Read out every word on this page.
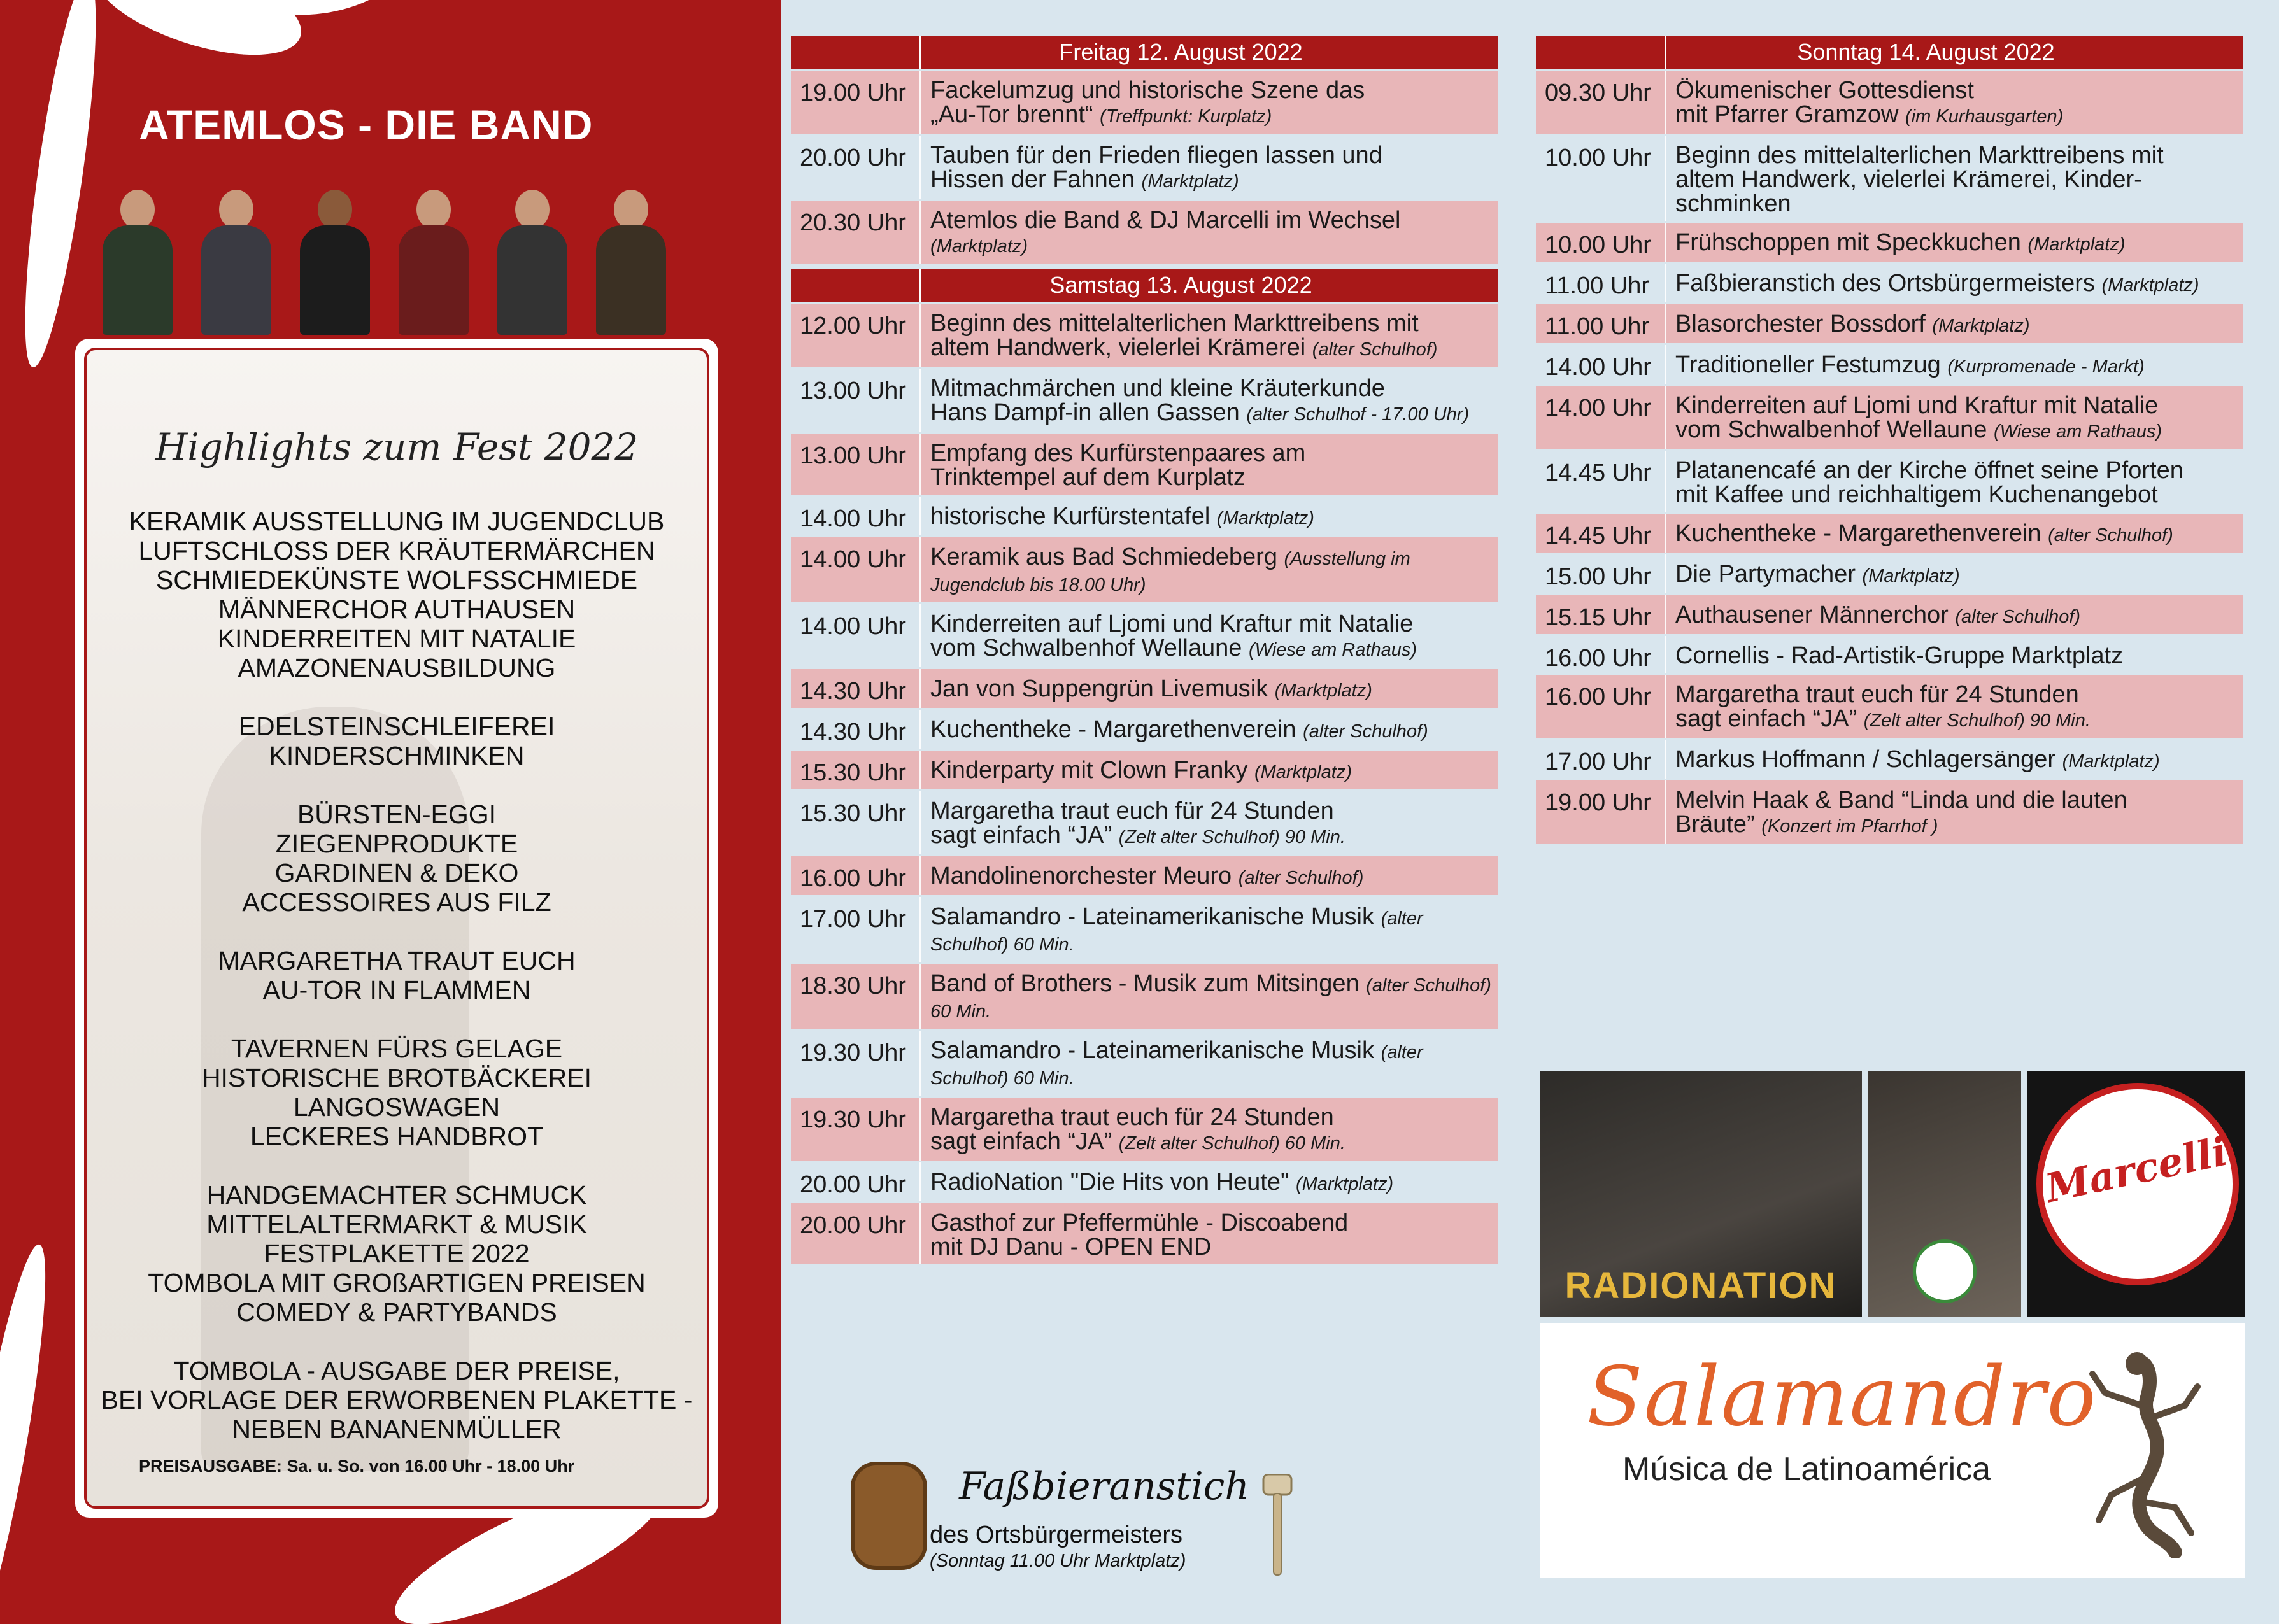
ATEMLOS - DIE BAND
Highlights zum Fest 2022
KERAMIK AUSSTELLUNG IM JUGENDCLUB
LUFTSCHLOSS DER KRÄUTERMÄRCHEN
SCHMIEDEKÜNSTE WOLFSSCHMIEDE
MÄNNERCHOR AUTHAUSEN
KINDERREITEN MIT NATALIE
AMAZONENAUSBILDUNG
EDELSTEINSCHLEIFEREI
KINDERSCHMINKEN
BÜRSTEN-EGGI
ZIEGENPRODUKTE
GARDINEN & DEKO
ACCESSOIRES AUS FILZ
MARGARETHA TRAUT EUCH
AU-TOR IN FLAMMEN
TAVERNEN FÜRS GELAGE
HISTORISCHE BROTBÄCKEREI
LANGOSWAGEN
LECKERES HANDBROT
HANDGEMACHTER SCHMUCK
MITTELALTERMARKT & MUSIK
FESTPLAKETTE 2022
TOMBOLA MIT GROßARTIGEN PREISEN
COMEDY & PARTYBANDS
TOMBOLA - AUSGABE DER PREISE,
BEI VORLAGE DER ERWORBENEN PLAKETTE -
NEBEN BANANENMÜLLER
PREISAUSGABE: Sa. u. So. von 16.00 Uhr - 18.00 Uhr
Freitag 12. August 2022
19.00 Uhr	Fackelumzug und historische Szene das
„Au-Tor brennt“ (Treffpunkt: Kurplatz)
20.00 Uhr	Tauben für den Frieden fliegen lassen und
Hissen der Fahnen (Marktplatz)
20.30 Uhr	Atemlos die Band & DJ Marcelli im Wechsel
(Marktplatz)
Samstag 13. August 2022
12.00 Uhr	Beginn des mittelalterlichen Markttreibens mit
altem Handwerk, vielerlei Krämerei (alter Schulhof)
13.00 Uhr	Mitmachmärchen und kleine Kräuterkunde
Hans Dampf-in allen Gassen (alter Schulhof - 17.00 Uhr)
13.00 Uhr	Empfang des Kurfürstenpaares am
Trinktempel auf dem Kurplatz
14.00 Uhr	historische Kurfürstentafel (Marktplatz)
14.00 Uhr	Keramik aus Bad Schmiedeberg (Ausstellung im Jugendclub bis 18.00 Uhr)
14.00 Uhr	Kinderreiten auf Ljomi und Kraftur mit Natalie
vom Schwalbenhof Wellaune (Wiese am Rathaus)
14.30 Uhr	Jan von Suppengrün Livemusik (Marktplatz)
14.30 Uhr	Kuchentheke - Margarethenverein (alter Schulhof)
15.30 Uhr	Kinderparty mit Clown Franky (Marktplatz)
15.30 Uhr	Margaretha traut euch für 24 Stunden
sagt einfach “JA” (Zelt alter Schulhof) 90 Min.
16.00 Uhr	Mandolinenorchester Meuro (alter Schulhof)
17.00 Uhr	Salamandro - Lateinamerikanische Musik (alter Schulhof) 60 Min.
18.30 Uhr	Band of Brothers - Musik zum Mitsingen (alter Schulhof) 60 Min.
19.30 Uhr	Salamandro - Lateinamerikanische Musik (alter Schulhof) 60 Min.
19.30 Uhr	Margaretha traut euch für 24 Stunden
sagt einfach “JA” (Zelt alter Schulhof) 60 Min.
20.00 Uhr	RadioNation "Die Hits von Heute" (Marktplatz)
20.00 Uhr	Gasthof zur Pfeffermühle - Discoabend
mit DJ Danu - OPEN END
Sonntag 14. August 2022
09.30 Uhr	Ökumenischer Gottesdienst
mit Pfarrer Gramzow (im Kurhausgarten)
10.00 Uhr	Beginn des mittelalterlichen Markttreibens mit
altem Handwerk, vielerlei Krämerei, Kinder-
schminken
10.00 Uhr	Frühschoppen mit Speckkuchen (Marktplatz)
11.00 Uhr	Faßbieranstich des Ortsbürgermeisters (Marktplatz)
11.00 Uhr	Blasorchester Bossdorf (Marktplatz)
14.00 Uhr	Traditioneller Festumzug (Kurpromenade - Markt)
14.00 Uhr	Kinderreiten auf Ljomi und Kraftur mit Natalie
vom Schwalbenhof Wellaune (Wiese am Rathaus)
14.45 Uhr	Platanencafé an der Kirche öffnet seine Pforten
mit Kaffee und reichhaltigem Kuchenangebot
14.45 Uhr	Kuchentheke - Margarethenverein (alter Schulhof)
15.00 Uhr	Die Partymacher (Marktplatz)
15.15 Uhr	Authausener Männerchor (alter Schulhof)
16.00 Uhr	Cornellis - Rad-Artistik-Gruppe Marktplatz
16.00 Uhr	Margaretha traut euch für 24 Stunden
sagt einfach “JA” (Zelt alter Schulhof) 90 Min.
17.00 Uhr	Markus Hoffmann / Schlagersänger (Marktplatz)
19.00 Uhr	Melvin Haak & Band “Linda und die lauten
Bräute” (Konzert im Pfarrhof )
Faßbieranstich
des Ortsbürgermeisters
(Sonntag 11.00 Uhr Marktplatz)
RADIONATION
Marcelli
Salamandro
Música de Latinoamérica
